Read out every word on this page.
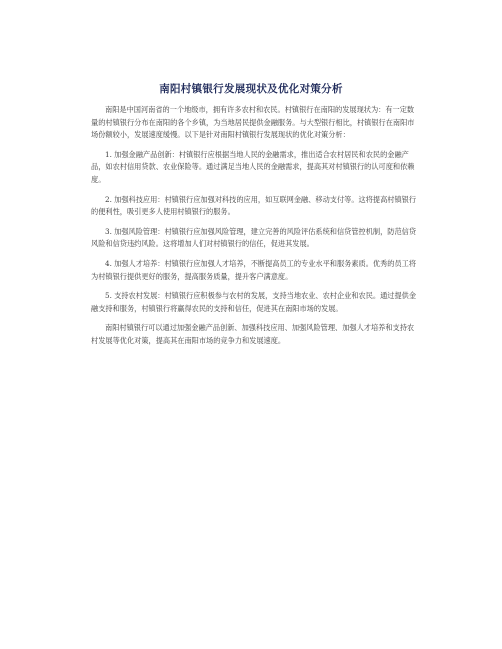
南阳村镇银行发展现状及优化对策分析

南阳是中国河南省的一个地级市，拥有许多农村和农民。村镇银行在南阳的发展现状为：有一定数量的村镇银行分布在南阳的各个乡镇，为当地居民提供金融服务。与大型银行相比，村镇银行在南阳市场份额较小，发展速度缓慢。以下是针对南阳村镇银行发展现状的优化对策分析：

1. 加强金融产品创新：村镇银行应根据当地人民的金融需求，推出适合农村居民和农民的金融产品，如农村信用贷款、农业保险等。通过满足当地人民的金融需求，提高其对村镇银行的认可度和依赖度。

2. 加强科技应用：村镇银行应加强对科技的应用，如互联网金融、移动支付等。这将提高村镇银行的便利性，吸引更多人使用村镇银行的服务。

3. 加强风险管理：村镇银行应加强风险管理，建立完善的风险评估系统和信贷管控机制，防范信贷风险和信贷违约风险。这将增加人们对村镇银行的信任，促进其发展。

4. 加强人才培养：村镇银行应加强人才培养，不断提高员工的专业水平和服务素质。优秀的员工将为村镇银行提供更好的服务，提高服务质量，提升客户满意度。

5. 支持农村发展：村镇银行应积极参与农村的发展，支持当地农业、农村企业和农民。通过提供金融支持和服务，村镇银行将赢得农民的支持和信任，促进其在南阳市场的发展。

南阳村镇银行可以通过加强金融产品创新、加强科技应用、加强风险管理、加强人才培养和支持农村发展等优化对策，提高其在南阳市场的竞争力和发展速度。
